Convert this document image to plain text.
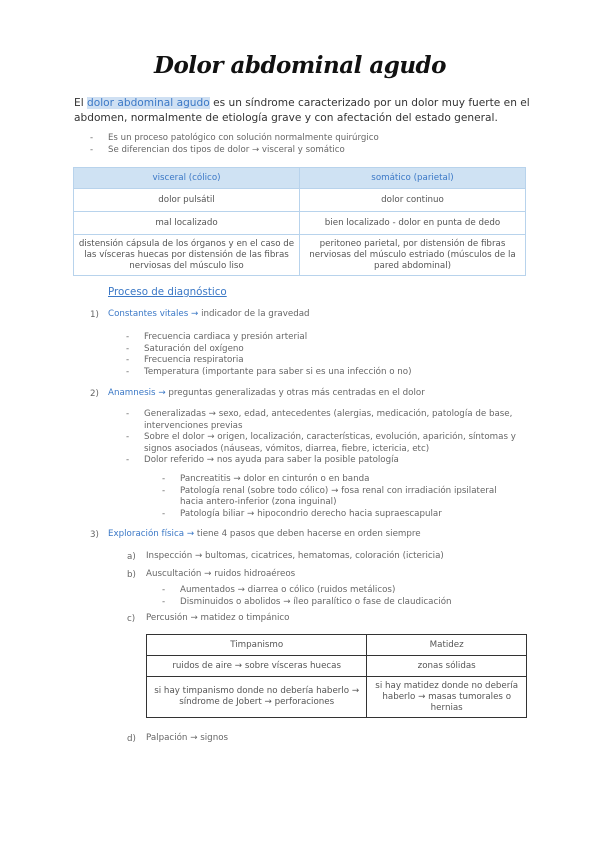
Dolor abdominal agudo
El dolor abdominal agudo es un síndrome caracterizado por un dolor muy fuerte en el
abdomen, normalmente de etiología grave y con afectación del estado general.
-	Es un proceso patológico con solución normalmente quirúrgico
-	Se diferencian dos tipos de dolor → visceral y somático
visceral (cólico)	somático (parietal)
dolor pulsátil	dolor continuo
mal localizado	bien localizado - dolor en punta de dedo
distensión cápsula de los órganos y en el caso de las vísceras huecas por distensión de las fibras nerviosas del músculo liso	peritoneo parietal, por distensión de fibras nerviosas del músculo estriado (músculos de la pared abdominal)
Proceso de diagnóstico
1) Constantes vitales → indicador de la gravedad
-	Frecuencia cardiaca y presión arterial
-	Saturación del oxígeno
-	Frecuencia respiratoria
-	Temperatura (importante para saber si es una infección o no)
2) Anamnesis → preguntas generalizadas y otras más centradas en el dolor
-	Generalizadas → sexo, edad, antecedentes (alergias, medicación, patología de base, intervenciones previas
-	Sobre el dolor → origen, localización, características, evolución, aparición, síntomas y signos asociados (náuseas, vómitos, diarrea, fiebre, ictericia, etc)
-	Dolor referido → nos ayuda para saber la posible patología
-	Pancreatitis → dolor en cinturón o en banda
-	Patología renal (sobre todo cólico) → fosa renal con irradiación ipsilateral hacia antero-inferior (zona inguinal)
-	Patología biliar → hipocondrio derecho hacia supraescapular
3) Exploración física → tiene 4 pasos que deben hacerse en orden siempre
a) Inspección → bultomas, cicatrices, hematomas, coloración (ictericia)
b) Auscultación → ruidos hidroaéreos
-	Aumentados → diarrea o cólico (ruidos metálicos)
-	Disminuidos o abolidos → íleo paralítico o fase de claudicación
c) Percusión → matidez o timpánico
Timpanismo	Matidez
ruidos de aire → sobre vísceras huecas	zonas sólidas
si hay timpanismo donde no debería haberlo → síndrome de Jobert → perforaciones	si hay matidez donde no debería haberlo → masas tumorales o hernias
d) Palpación → signos
